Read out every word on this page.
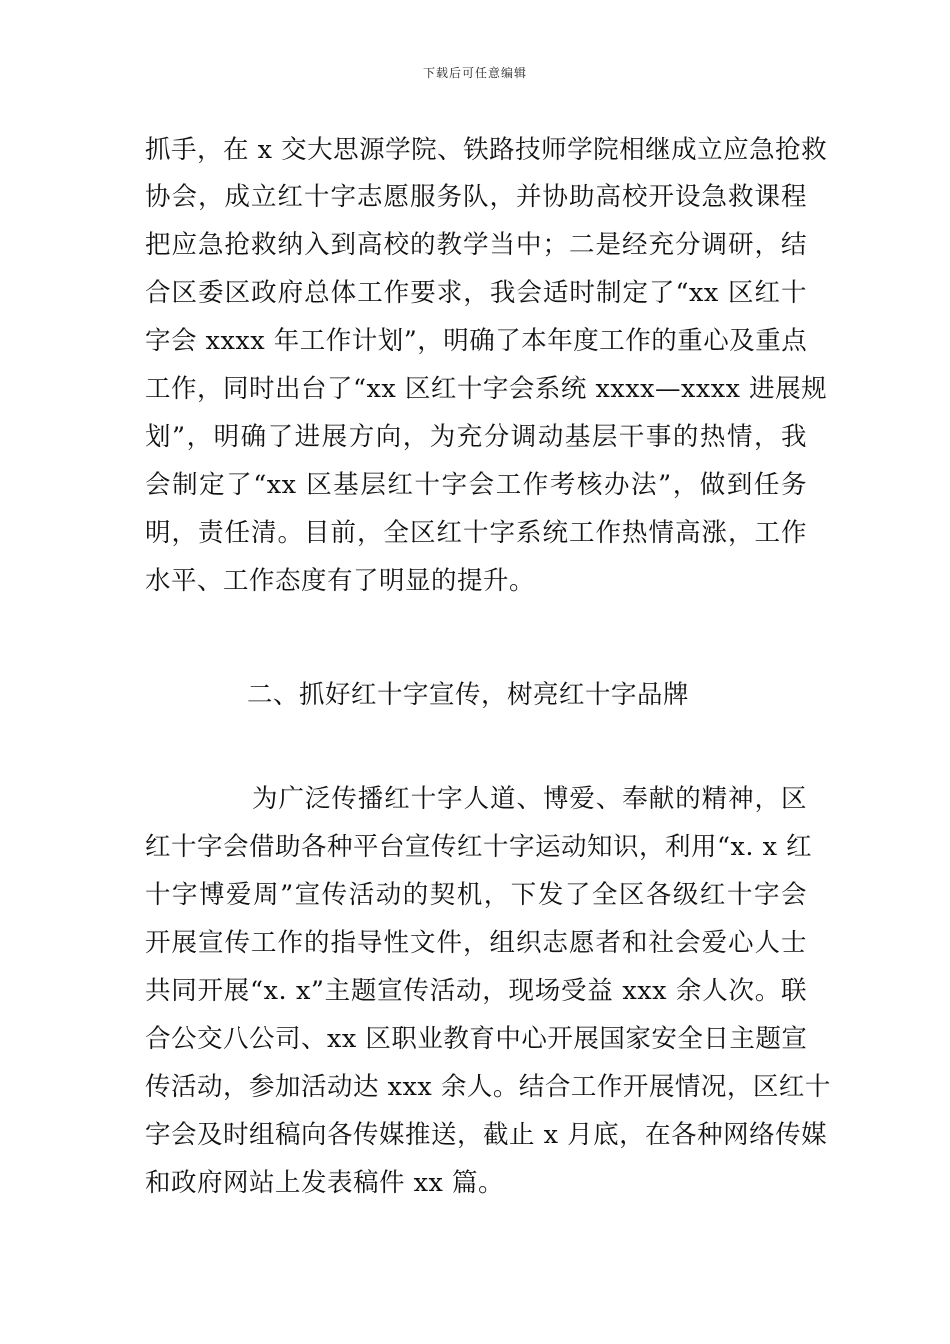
下载后可任意编辑
抓手，在 x 交大思源学院、铁路技师学院相继成立应急抢救
协会，成立红十字志愿服务队，并协助高校开设急救课程
把应急抢救纳入到高校的教学当中；二是经充分调研，结
合区委区政府总体工作要求，我会适时制定了“xx 区红十
字会 xxxx 年工作计划”，明确了本年度工作的重心及重点
工作，同时出台了“xx 区红十字会系统 xxxx—xxxx 进展规
划”，明确了进展方向，为充分调动基层干事的热情，我
会制定了“xx 区基层红十字会工作考核办法”，做到任务
明，责任清。目前，全区红十字系统工作热情高涨，工作
水平、工作态度有了明显的提升。
二、抓好红十字宣传，树亮红十字品牌
为广泛传播红十字人道、博爱、奉献的精神，区
红十字会借助各种平台宣传红十字运动知识，利用“x. x 红
十字博爱周”宣传活动的契机，下发了全区各级红十字会
开展宣传工作的指导性文件，组织志愿者和社会爱心人士
共同开展“x. x”主题宣传活动，现场受益 xxx 余人次。联
合公交八公司、xx 区职业教育中心开展国家安全日主题宣
传活动，参加活动达 xxx 余人。结合工作开展情况，区红十
字会及时组稿向各传媒推送，截止 x 月底，在各种网络传媒
和政府网站上发表稿件 xx 篇。
